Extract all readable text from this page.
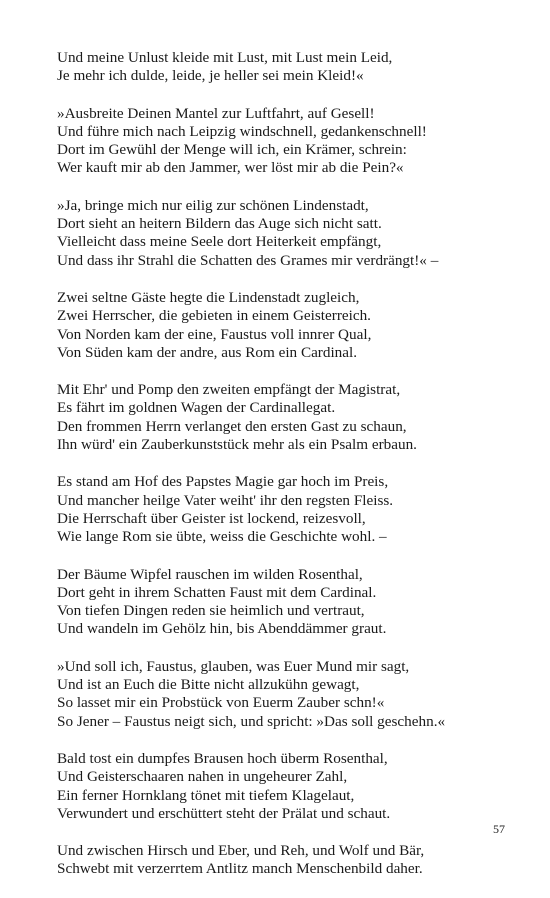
Und meine Unlust kleide mit Lust, mit Lust mein Leid,
Je mehr ich dulde, leide, je heller sei mein Kleid!«
»Ausbreite Deinen Mantel zur Luftfahrt, auf Gesell!
Und führe mich nach Leipzig windschnell, gedankenschnell!
Dort im Gewühl der Menge will ich, ein Krämer, schrein:
Wer kauft mir ab den Jammer, wer löst mir ab die Pein?«
»Ja, bringe mich nur eilig zur schönen Lindenstadt,
Dort sieht an heitern Bildern das Auge sich nicht satt.
Vielleicht dass meine Seele dort Heiterkeit empfängt,
Und dass ihr Strahl die Schatten des Grames mir verdrängt!« –
Zwei seltne Gäste hegte die Lindenstadt zugleich,
Zwei Herrscher, die gebieten in einem Geisterreich.
Von Norden kam der eine, Faustus voll innrer Qual,
Von Süden kam der andre, aus Rom ein Cardinal.
Mit Ehr' und Pomp den zweiten empfängt der Magistrat,
Es fährt im goldnen Wagen der Cardinallegat.
Den frommen Herrn verlanget den ersten Gast zu schaun,
Ihn würd' ein Zauberkunststück mehr als ein Psalm erbaun.
Es stand am Hof des Papstes Magie gar hoch im Preis,
Und mancher heilge Vater weiht' ihr den regsten Fleiss.
Die Herrschaft über Geister ist lockend, reizesvoll,
Wie lange Rom sie übte, weiss die Geschichte wohl. –
Der Bäume Wipfel rauschen im wilden Rosenthal,
Dort geht in ihrem Schatten Faust mit dem Cardinal.
Von tiefen Dingen reden sie heimlich und vertraut,
Und wandeln im Gehölz hin, bis Abenddämmer graut.
»Und soll ich, Faustus, glauben, was Euer Mund mir sagt,
Und ist an Euch die Bitte nicht allzukühn gewagt,
So lasset mir ein Probstück von Euerm Zauber schn!«
So Jener – Faustus neigt sich, und spricht: »Das soll geschehn.«
Bald tost ein dumpfes Brausen hoch überm Rosenthal,
Und Geisterschaaren nahen in ungeheurer Zahl,
Ein ferner Hornklang tönet mit tiefem Klagelaut,
Verwundert und erschüttert steht der Prälat und schaut.
Und zwischen Hirsch und Eber, und Reh, und Wolf und Bär,
Schwebt mit verzerrtem Antlitz manch Menschenbild daher.
57
